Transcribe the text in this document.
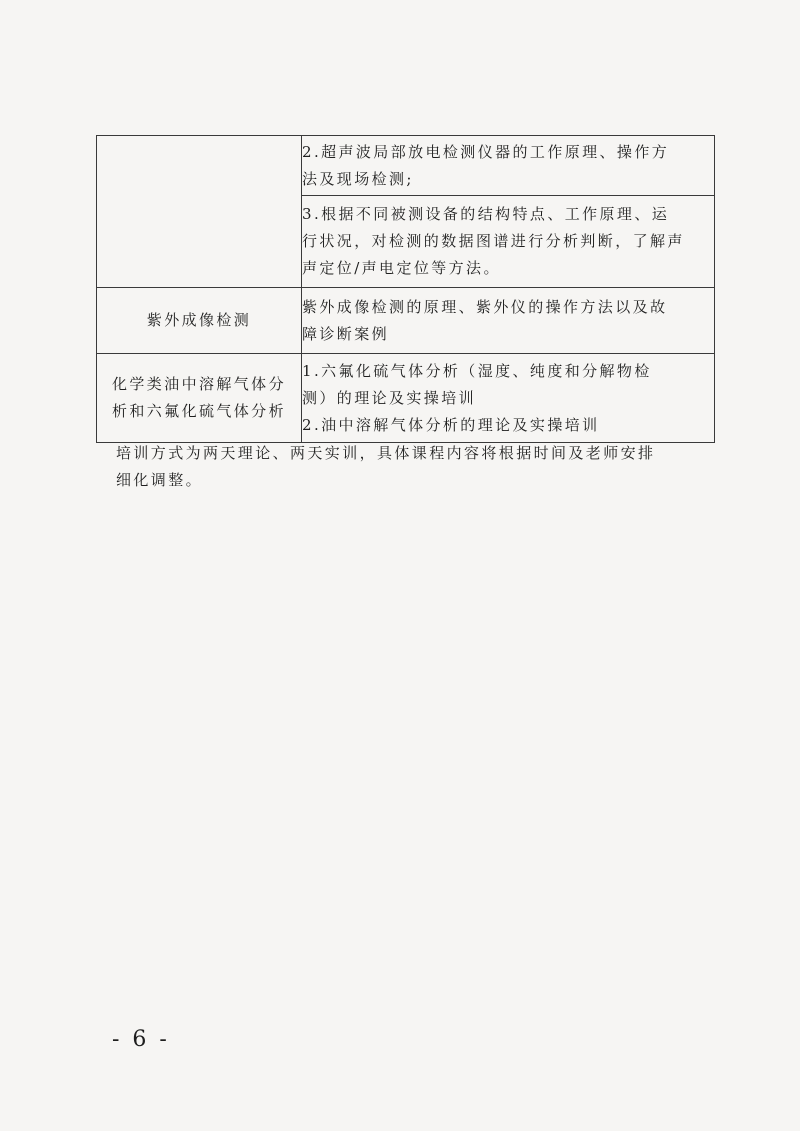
	2.超声波局部放电检测仪器的工作原理、操作方
法及现场检测;

	3.根据不同被测设备的结构特点、工作原理、运
行状况，对检测的数据图谱进行分析判断，了解声
声定位/声电定位等方法。

紫外成像检测	紫外成像检测的原理、紫外仪的操作方法以及故
障诊断案例

化学类油中溶解气体分
析和六氟化硫气体分析	1.六氟化硫气体分析（湿度、纯度和分解物检
测）的理论及实操培训
2.油中溶解气体分析的理论及实操培训
培训方式为两天理论、两天实训，具体课程内容将根据时间及老师安排
细化调整。
- 6 -
